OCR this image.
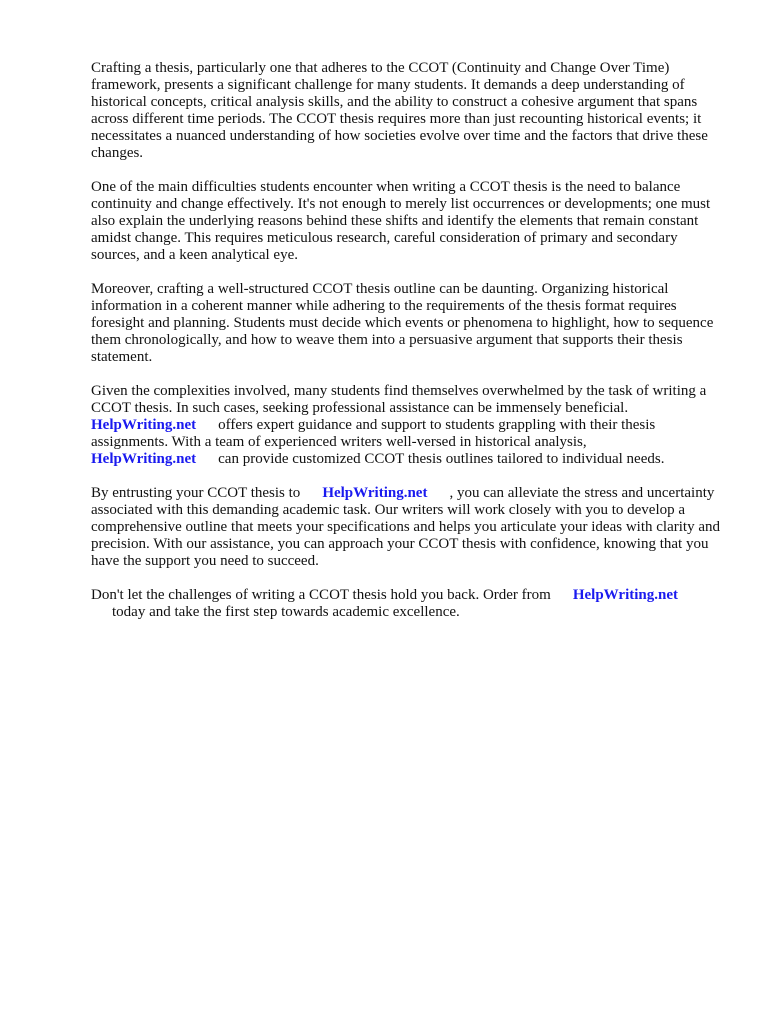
Crafting a thesis, particularly one that adheres to the CCOT (Continuity and Change Over Time) framework, presents a significant challenge for many students. It demands a deep understanding of historical concepts, critical analysis skills, and the ability to construct a cohesive argument that spans across different time periods. The CCOT thesis requires more than just recounting historical events; it necessitates a nuanced understanding of how societies evolve over time and the factors that drive these changes.

One of the main difficulties students encounter when writing a CCOT thesis is the need to balance continuity and change effectively. It's not enough to merely list occurrences or developments; one must also explain the underlying reasons behind these shifts and identify the elements that remain constant amidst change. This requires meticulous research, careful consideration of primary and secondary sources, and a keen analytical eye.

Moreover, crafting a well-structured CCOT thesis outline can be daunting. Organizing historical information in a coherent manner while adhering to the requirements of the thesis format requires foresight and planning. Students must decide which events or phenomena to highlight, how to sequence them chronologically, and how to weave them into a persuasive argument that supports their thesis statement.

Given the complexities involved, many students find themselves overwhelmed by the task of writing a CCOT thesis. In such cases, seeking professional assistance can be immensely beneficial. HelpWriting.net offers expert guidance and support to students grappling with their thesis assignments. With a team of experienced writers well-versed in historical analysis, HelpWriting.net can provide customized CCOT thesis outlines tailored to individual needs.

By entrusting your CCOT thesis to HelpWriting.net , you can alleviate the stress and uncertainty associated with this demanding academic task. Our writers will work closely with you to develop a comprehensive outline that meets your specifications and helps you articulate your ideas with clarity and precision. With our assistance, you can approach your CCOT thesis with confidence, knowing that you have the support you need to succeed.

Don't let the challenges of writing a CCOT thesis hold you back. Order from HelpWriting.net
today and take the first step towards academic excellence.
